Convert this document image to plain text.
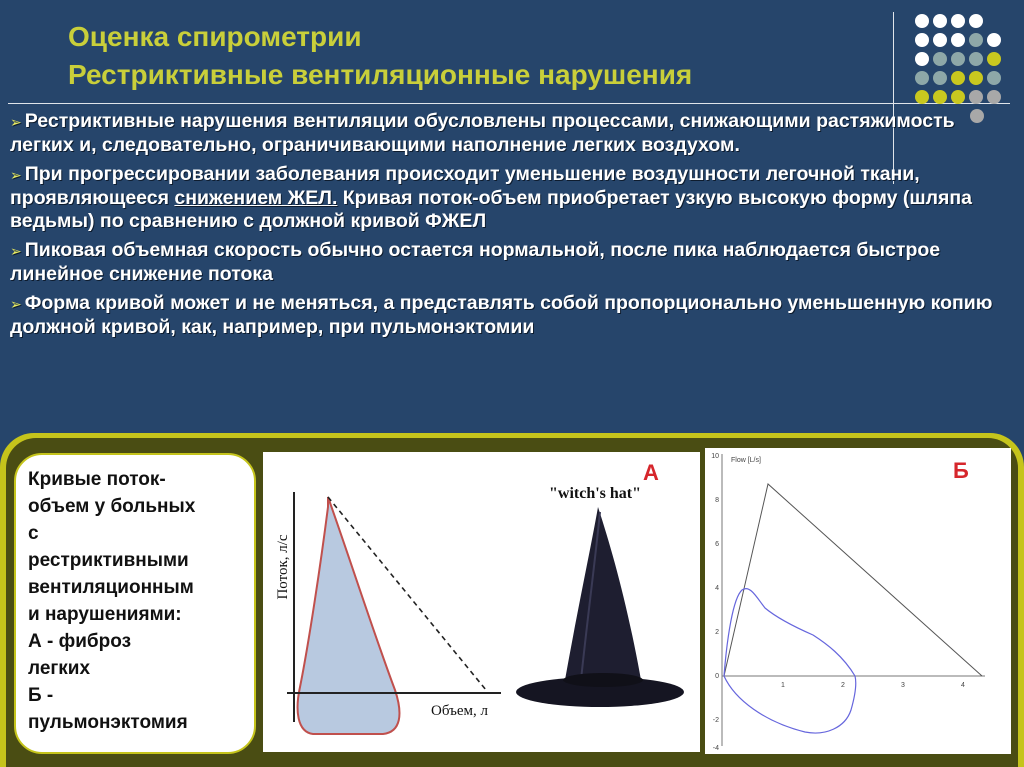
Оценка спирометрии
Рестриктивные вентиляционные нарушения
➢ Рестриктивные нарушения вентиляции обусловлены процессами, снижающими растяжимость легких и, следовательно, ограничивающими наполнение легких воздухом.
➢ При прогрессировании заболевания происходит уменьшение воздушности легочной ткани, проявляющееся снижением ЖЕЛ. Кривая поток-объем приобретает узкую высокую форму (шляпа ведьмы) по сравнению с должной кривой ФЖЕЛ
➢ Пиковая объемная скорость обычно остается нормальной, после пика наблюдается быстрое линейное снижение потока
➢ Форма кривой может и не меняться, а представлять собой пропорционально уменьшенную копию должной кривой, как, например, при пульмонэктомии
Кривые поток-
объем у больных
с
рестриктивными
вентиляционным
и нарушениями:
А - фиброз
легких
Б -
пульмонэктомия
Поток, л/с
Объем, л
"witch's hat"
А	Flow [L/s]
10
8
6
4
2
0
-2
-4
1	2	3	4
Б
